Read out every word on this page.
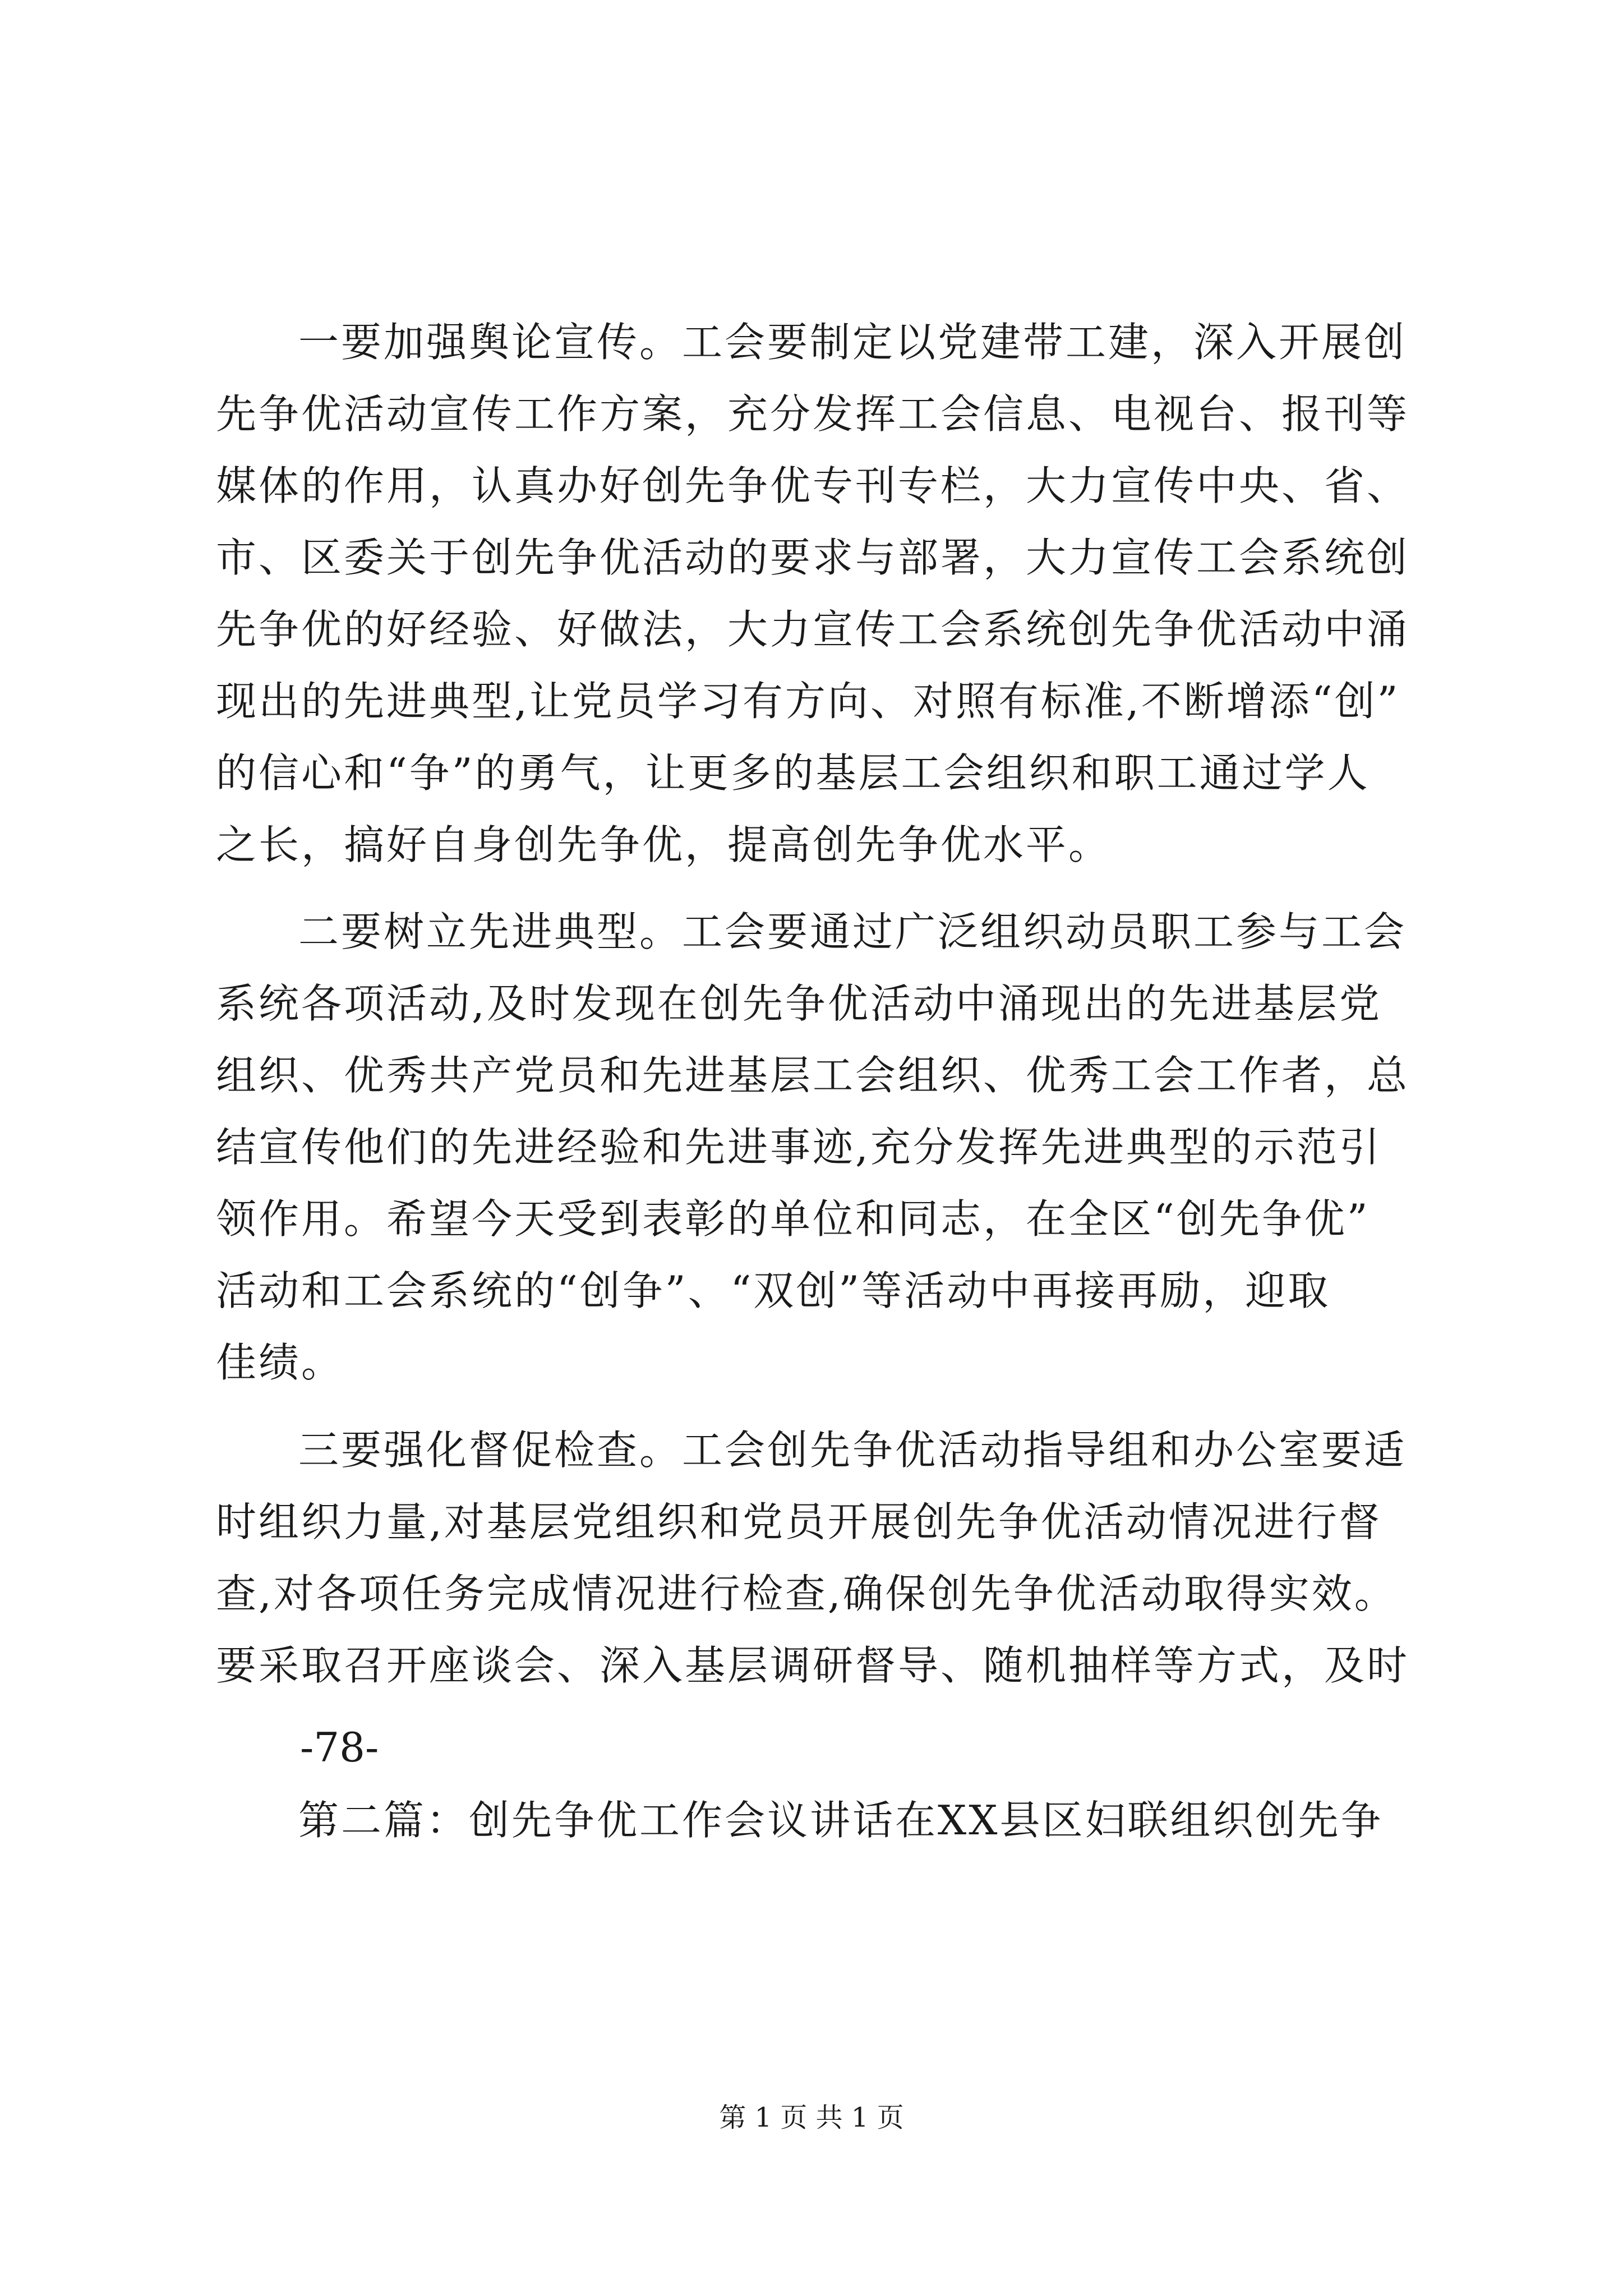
一要加强舆论宣传。工会要制定以党建带工建，深入开展创
先争优活动宣传工作方案，充分发挥工会信息、电视台、报刊等
媒体的作用，认真办好创先争优专刊专栏，大力宣传中央、省、
市、区委关于创先争优活动的要求与部署，大力宣传工会系统创
先争优的好经验、好做法，大力宣传工会系统创先争优活动中涌
现出的先进典型,让党员学习有方向、对照有标准,不断增添“创”
的信心和“争”的勇气，让更多的基层工会组织和职工通过学人
之长，搞好自身创先争优，提高创先争优水平。
二要树立先进典型。工会要通过广泛组织动员职工参与工会
系统各项活动,及时发现在创先争优活动中涌现出的先进基层党
组织、优秀共产党员和先进基层工会组织、优秀工会工作者，总
结宣传他们的先进经验和先进事迹,充分发挥先进典型的示范引
领作用。希望今天受到表彰的单位和同志，在全区“创先争优”
活动和工会系统的“创争”、“双创”等活动中再接再励，迎取
佳绩。
三要强化督促检查。工会创先争优活动指导组和办公室要适
时组织力量,对基层党组织和党员开展创先争优活动情况进行督
查,对各项任务完成情况进行检查,确保创先争优活动取得实效。
要采取召开座谈会、深入基层调研督导、随机抽样等方式，及时
-78-
第二篇：创先争优工作会议讲话在XX县区妇联组织创先争
第 1 页 共 1 页
